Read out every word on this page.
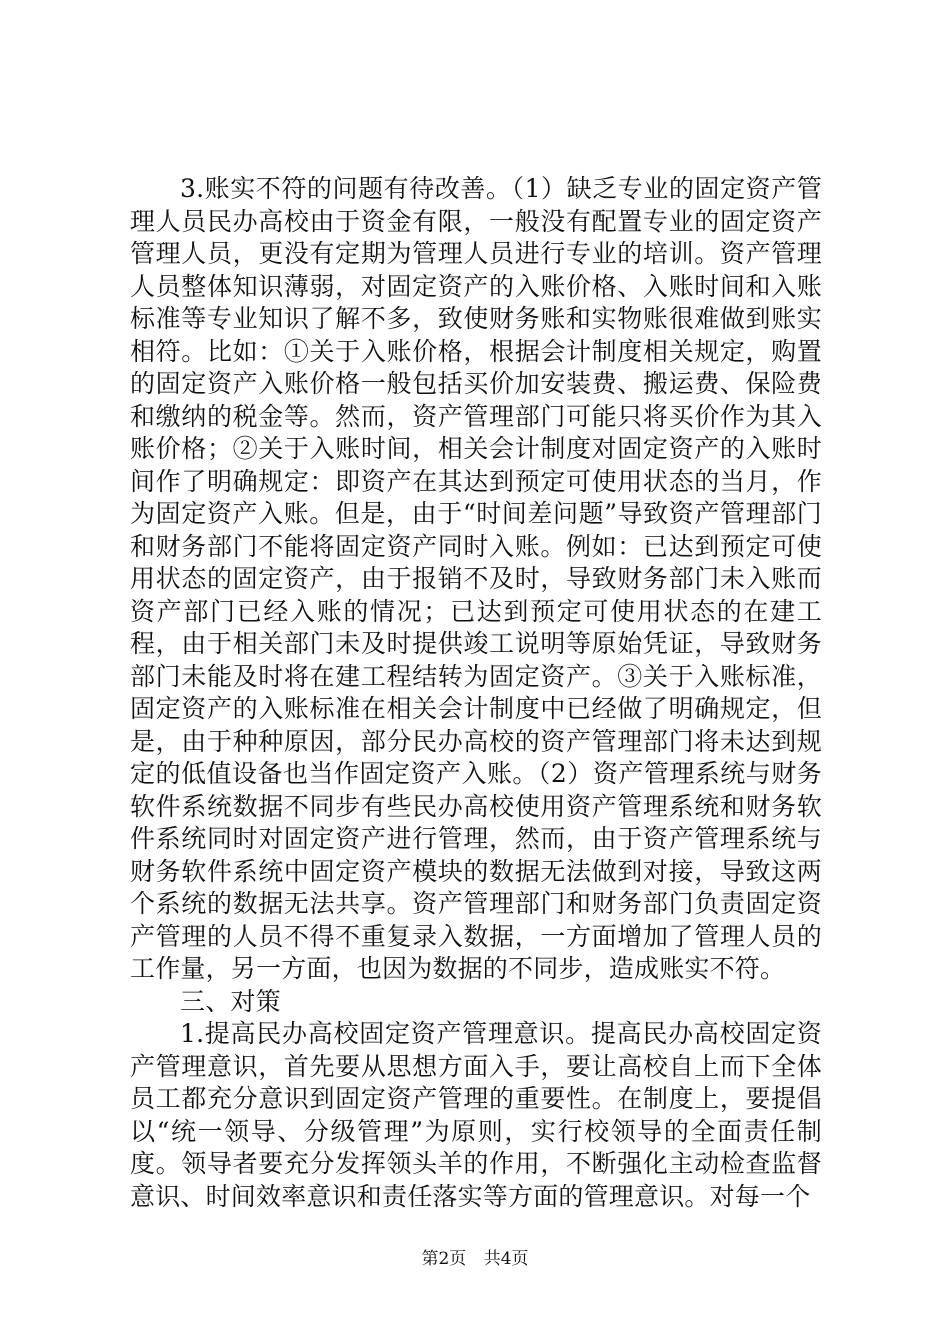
3.账实不符的问题有待改善。（1）缺乏专业的固定资产管理人员民办高校由于资金有限，一般没有配置专业的固定资产管理人员，更没有定期为管理人员进行专业的培训。资产管理人员整体知识薄弱，对固定资产的入账价格、入账时间和入账标准等专业知识了解不多，致使财务账和实物账很难做到账实相符。比如：①关于入账价格，根据会计制度相关规定，购置的固定资产入账价格一般包括买价加安装费、搬运费、保险费和缴纳的税金等。然而，资产管理部门可能只将买价作为其入账价格；②关于入账时间，相关会计制度对固定资产的入账时间作了明确规定：即资产在其达到预定可使用状态的当月，作为固定资产入账。但是，由于“时间差问题”导致资产管理部门和财务部门不能将固定资产同时入账。例如：已达到预定可使用状态的固定资产，由于报销不及时，导致财务部门未入账而资产部门已经入账的情况；已达到预定可使用状态的在建工程，由于相关部门未及时提供竣工说明等原始凭证，导致财务部门未能及时将在建工程结转为固定资产。③关于入账标准，固定资产的入账标准在相关会计制度中已经做了明确规定，但是，由于种种原因，部分民办高校的资产管理部门将未达到规定的低值设备也当作固定资产入账。（2）资产管理系统与财务软件系统数据不同步有些民办高校使用资产管理系统和财务软件系统同时对固定资产进行管理，然而，由于资产管理系统与财务软件系统中固定资产模块的数据无法做到对接，导致这两个系统的数据无法共享。资产管理部门和财务部门负责固定资产管理的人员不得不重复录入数据，一方面增加了管理人员的工作量，另一方面，也因为数据的不同步，造成账实不符。

三、对策

1.提高民办高校固定资产管理意识。提高民办高校固定资产管理意识，首先要从思想方面入手，要让高校自上而下全体员工都充分意识到固定资产管理的重要性。在制度上，要提倡以“统一领导、分级管理”为原则，实行校领导的全面责任制度。领导者要充分发挥领头羊的作用，不断强化主动检查监督意识、时间效率意识和责任落实等方面的管理意识。对每一个

第2页 共4页
